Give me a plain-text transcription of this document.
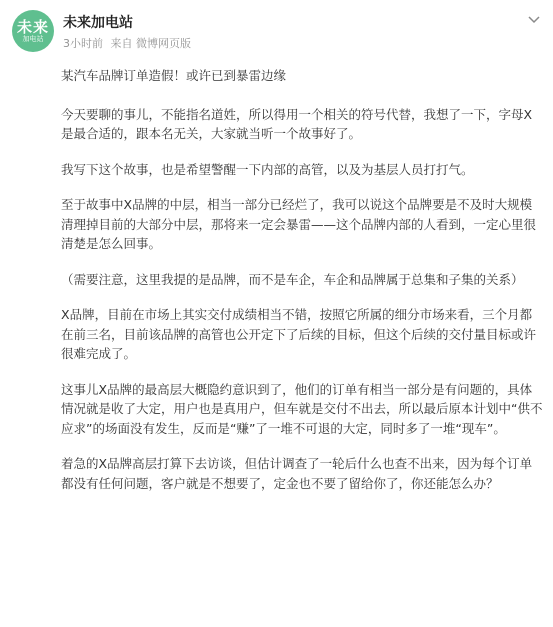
未来
加电站
未来加电站
3小时前 来自 微博网页版

某汽车品牌订单造假！或许已到暴雷边缘

今天要聊的事儿，不能指名道姓，所以得用一个相关的符号代替，我想了一下，字母X是最合适的，跟本名无关，大家就当听一个故事好了。

我写下这个故事，也是希望警醒一下内部的高管，以及为基层人员打打气。

至于故事中X品牌的中层，相当一部分已经烂了，我可以说这个品牌要是不及时大规模清理掉目前的大部分中层，那将来一定会暴雷——这个品牌内部的人看到，一定心里很清楚是怎么回事。

（需要注意，这里我提的是品牌，而不是车企，车企和品牌属于总集和子集的关系）

X品牌，目前在市场上其实交付成绩相当不错，按照它所属的细分市场来看，三个月都在前三名，目前该品牌的高管也公开定下了后续的目标，但这个后续的交付量目标或许很难完成了。

这事儿X品牌的最高层大概隐约意识到了，他们的订单有相当一部分是有问题的，具体情况就是收了大定，用户也是真用户，但车就是交付不出去，所以最后原本计划中“供不应求”的场面没有发生，反而是“赚”了一堆不可退的大定，同时多了一堆“现车”。

着急的X品牌高层打算下去访谈，但估计调查了一轮后什么也查不出来，因为每个订单都没有任何问题，客户就是不想要了，定金也不要了留给你了，你还能怎么办？
